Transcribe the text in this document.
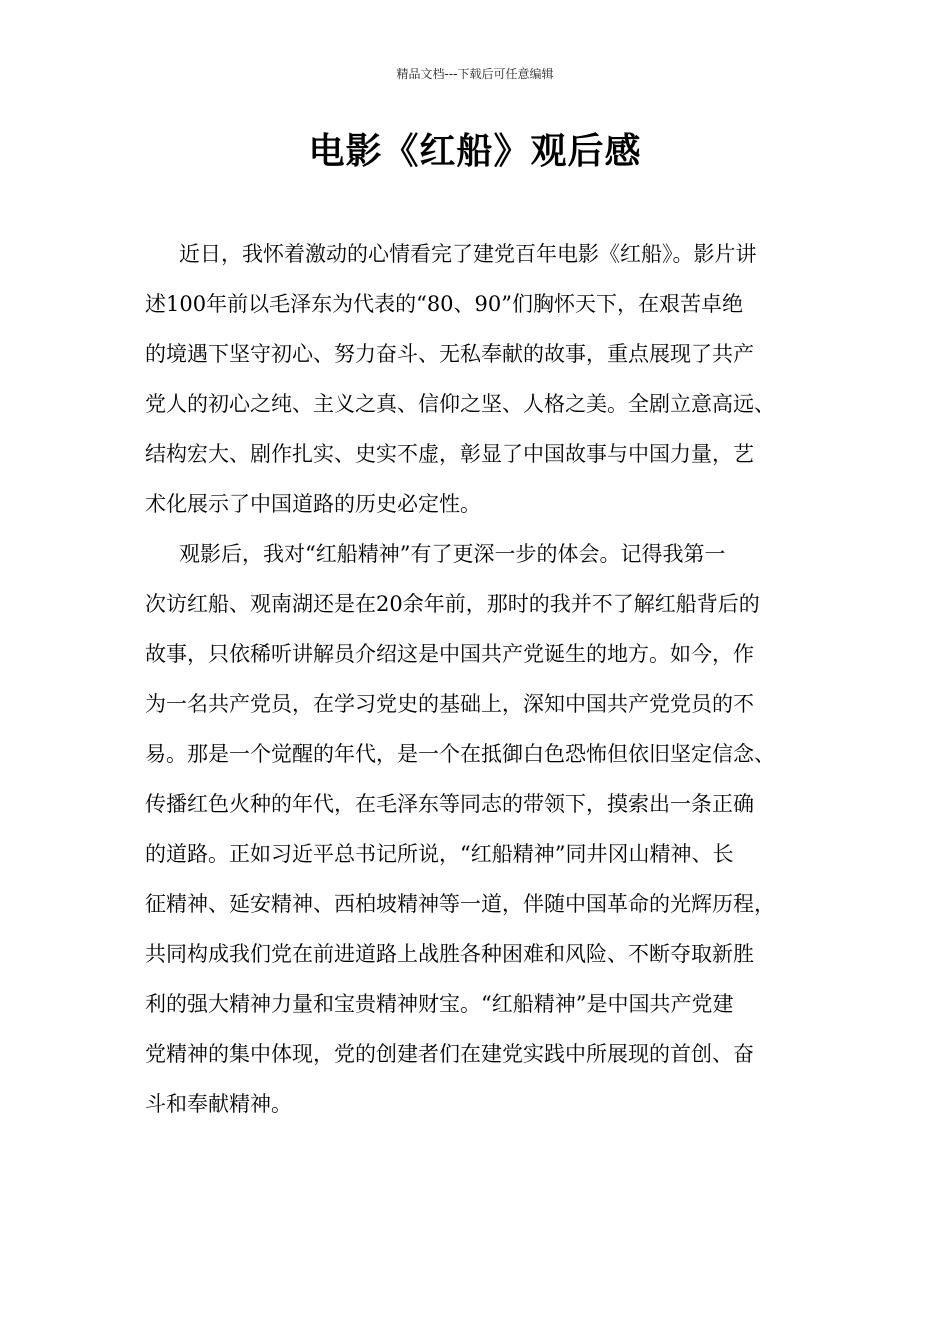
精品文档---下载后可任意编辑
电影《红船》观后感
近日，我怀着激动的心情看完了建党百年电影《红船》。影片讲
述100年前以毛泽东为代表的“80、90”们胸怀天下，在艰苦卓绝
的境遇下坚守初心、努力奋斗、无私奉献的故事，重点展现了共产
党人的初心之纯、主义之真、信仰之坚、人格之美。全剧立意高远、
结构宏大、剧作扎实、史实不虚，彰显了中国故事与中国力量，艺
术化展示了中国道路的历史必定性。
观影后，我对“红船精神”有了更深一步的体会。记得我第一
次访红船、观南湖还是在20余年前，那时的我并不了解红船背后的
故事，只依稀听讲解员介绍这是中国共产党诞生的地方。如今，作
为一名共产党员，在学习党史的基础上，深知中国共产党党员的不
易。那是一个觉醒的年代，是一个在抵御白色恐怖但依旧坚定信念、
传播红色火种的年代，在毛泽东等同志的带领下，摸索出一条正确
的道路。正如习近平总书记所说，“红船精神”同井冈山精神、长
征精神、延安精神、西柏坡精神等一道，伴随中国革命的光辉历程，
共同构成我们党在前进道路上战胜各种困难和风险、不断夺取新胜
利的强大精神力量和宝贵精神财宝。“红船精神”是中国共产党建
党精神的集中体现，党的创建者们在建党实践中所展现的首创、奋
斗和奉献精神。
